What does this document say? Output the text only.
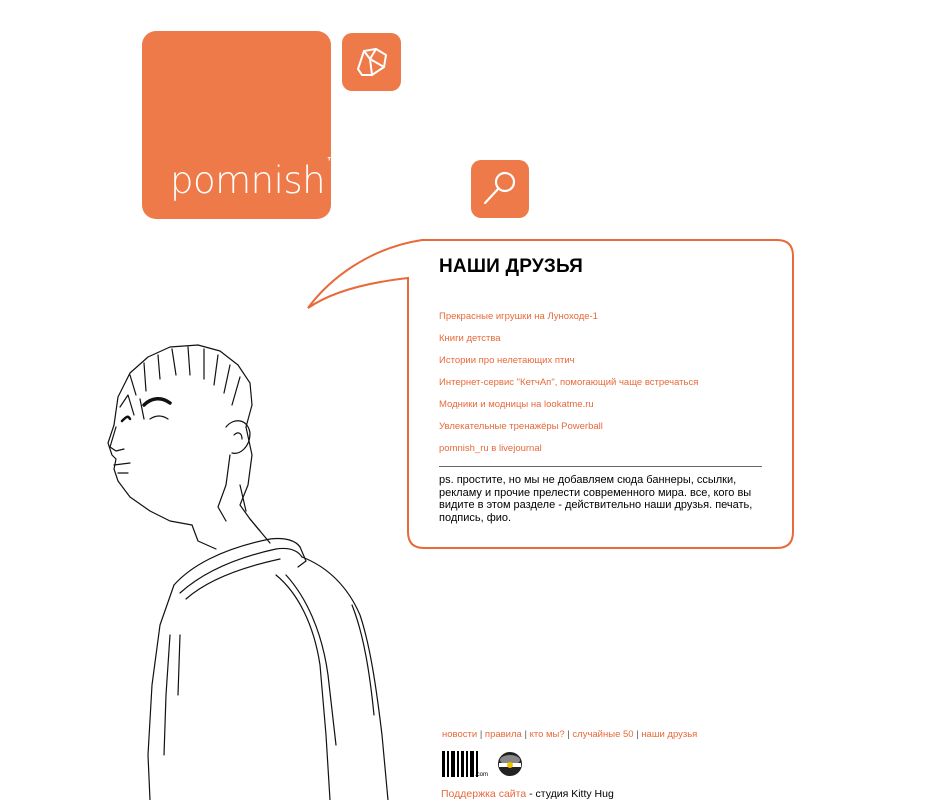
pomnish™
НАШИ ДРУЗЬЯ
Прекрасные игрушки на Луноходе-1
Книги детства
Истории про нелетающих птич
Интернет-сервис "КетчАп", помогающий чаще встречаться
Модники и модницы на lookatme.ru
Увлекательные тренажёры Powerball
pomnish_ru в livejournal

ps. простите, но мы не добавляем сюда баннеры, ссылки, рекламу и прочие прелести современного мира. все, кого вы видите в этом разделе - действительно наши друзья. печать, подпись, фио.

новости | правила | кто мы? | случайные 50 | наши друзья
.com
Поддержка сайта - студия Kitty Hug
